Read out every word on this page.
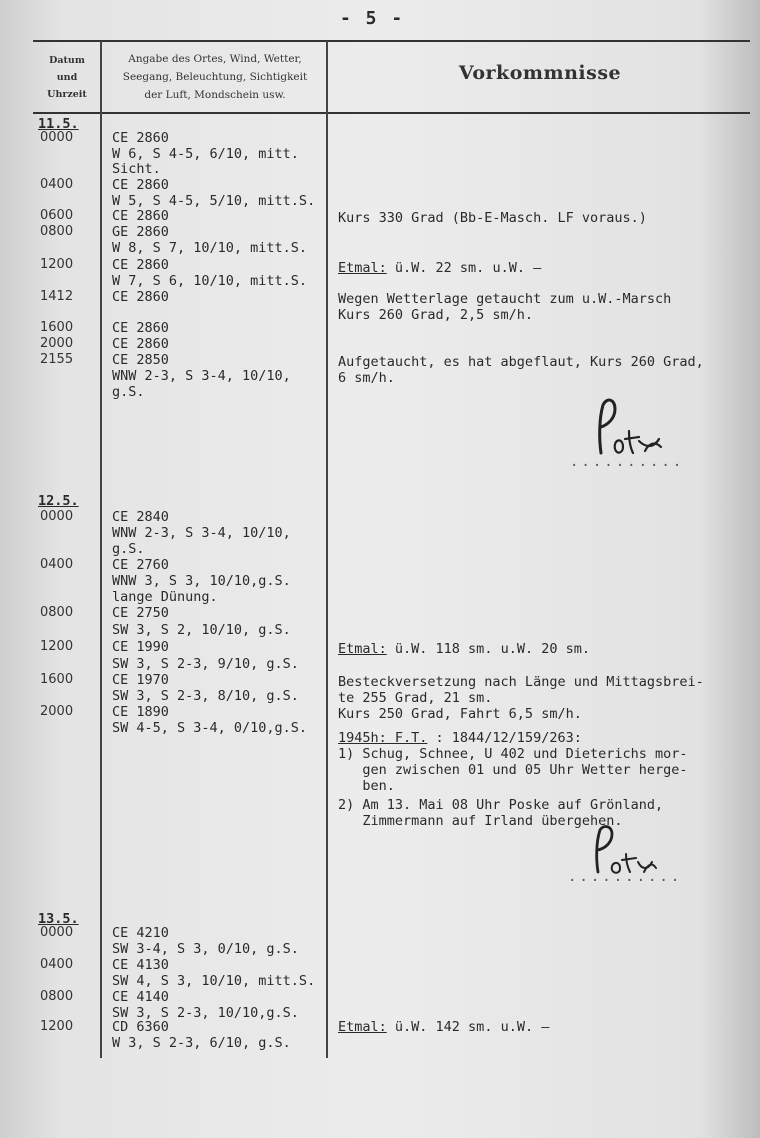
- 5 -
Datum
und
Uhrzeit
Angabe des Ortes, Wind, Wetter,
Seegang, Beleuchtung, Sichtigkeit
der Luft, Mondschein usw.
Vorkommnisse
11.5.
12.5.
13.5.
0000
0400
0600
0800
1200
1412
1600
2000
2155
0000
0400
0800
1200
1600
2000
0000
0400
0800
1200
CE 2860
W 6, S 4-5, 6/10, mitt.
Sicht.
CE 2860
W 5, S 4-5, 5/10, mitt.S.
CE 2860
GE 2860
W 8, S 7, 10/10, mitt.S.
CE 2860
W 7, S 6, 10/10, mitt.S.
CE 2860
CE 2860
CE 2860
CE 2850
WNW 2-3, S 3-4, 10/10,
g.S.
CE 2840
WNW 2-3, S 3-4, 10/10,
g.S.
CE 2760
WNW 3, S 3, 10/10,g.S.
lange Dünung.
CE 2750
SW 3, S 2, 10/10, g.S.
CE 1990
SW 3, S 2-3, 9/10, g.S.
CE 1970
SW 3, S 2-3, 8/10, g.S.
CE 1890
SW 4-5, S 3-4, 0/10,g.S.
CE 4210
SW 3-4, S 3, 0/10, g.S.
CE 4130
SW 4, S 3, 10/10, mitt.S.
CE 4140
SW 3, S 2-3, 10/10,g.S.
CD 6360
W 3, S 2-3, 6/10, g.S.
Kurs 330 Grad (Bb-E-Masch. LF voraus.)
Etmal: ü.W. 22 sm. u.W. —
Wegen Wetterlage getaucht zum u.W.-Marsch
Kurs 260 Grad, 2,5 sm/h.
Aufgetaucht, es hat abgeflaut, Kurs 260 Grad,
6 sm/h.
··········
Etmal: ü.W. 118 sm. u.W. 20 sm.
Besteckversetzung nach Länge und Mittagsbrei-
te 255 Grad, 21 sm.
Kurs 250 Grad, Fahrt 6,5 sm/h.
1945h: F.T. : 1844/12/159/263:
1) Schug, Schnee, U 402 und Dieterichs mor-
gen zwischen 01 und 05 Uhr Wetter herge-
ben.
2) Am 13. Mai 08 Uhr Poske auf Grönland,
Zimmermann auf Irland übergehen.
··········
Etmal: ü.W. 142 sm. u.W. —
